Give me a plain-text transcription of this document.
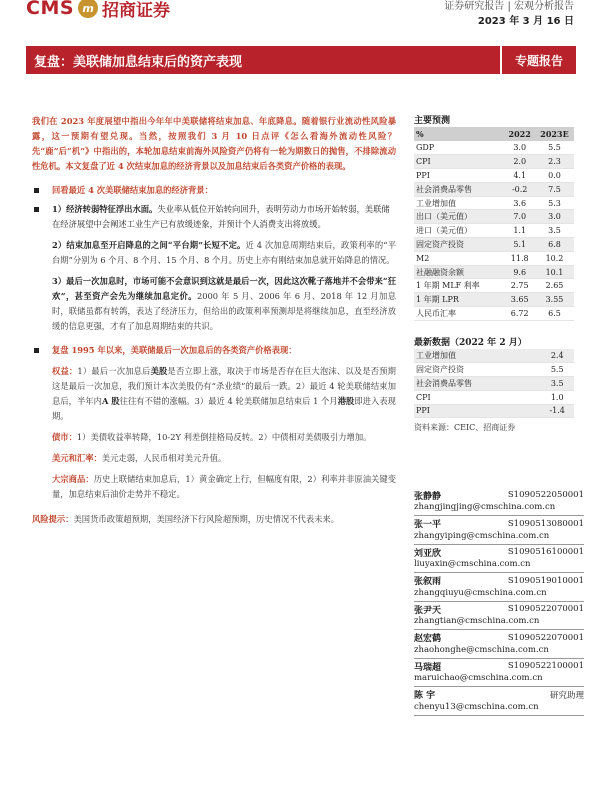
CMS m 招商证券	证券研究报告 | 宏观分析报告
2023 年 3 月 16 日
复盘：美联储加息结束后的资产表现	专题报告

我们在 2023 年度展望中指出今年年中美联储将结束加息、年底降息。随着银行业流动性风险暴露，这一预期有望兑现。当然，按照我们 3 月 10 日点评《怎么看海外流动性风险？先“鹿”后“机”》中指出的，本轮加息结束前海外风险资产仍将有一轮为期数日的抛售，不排除流动性危机。本文复盘了近 4 次结束加息的经济背景以及加息结束后各类资产价格的表现。

回看最近 4 次美联储结束加息的经济背景：
1）经济转弱特征浮出水面。失业率从低位开始转向回升，表明劳动力市场开始转弱，美联储在经济展望中会阐述工业生产已有放缓迹象，并预计个人消费支出将放缓。

2）结束加息至开启降息的之间“平台期”长短不定。近 4 次加息周期结束后，政策利率的“平台期”分别为 6 个月、8 个月、15 个月、8 个月。历史上亦有刚结束加息就开始降息的情况。

3）最后一次加息时，市场可能不会意识到这就是最后一次，因此这次靴子落地并不会带来“狂欢”，甚至资产会先为继续加息定价。2000 年 5 月、2006 年 6 月、2018 年 12 月加息时，联储虽都有转鸽，表达了经济压力，但给出的政策利率预测却是将继续加息，直至经济放缓的信息更强，才有了加息周期结束的共识。

复盘 1995 年以来，美联储最后一次加息后的各类资产价格表现：

权益：1）最后一次加息后美股是否立即上涨，取决于市场是否存在巨大泡沫、以及是否预期这是最后一次加息，我们预计本次美股仍有“杀业绩”的最后一跌。2）最近 4 轮美联储结束加息后，半年内A 股往往有不错的涨幅。3）最近 4 轮美联储加息结束后 1 个月港股即进入表现期。

债市：1）美债收益率转降，10-2Y 利差倒挂格局反转。2）中债相对美债吸引力增加。

美元和汇率：美元走弱，人民币相对美元升值。

大宗商品：历史上联储结束加息后，1）黄金确定上行，但幅度有限，2）利率并非原油关键变量，加息结束后油价走势并不稳定。

风险提示：美国货币政策超预期，美国经济下行风险超预期，历史情况不代表未来。

主要预测
%	2022	2023E
GDP	3.0	5.5
CPI	2.0	2.3
PPI	4.1	0.0
社会消费品零售	-0.2	7.5
工业增加值	3.6	5.3
出口（美元值）	7.0	3.0
进口（美元值）	1.1	3.5
固定资产投资	5.1	6.8
M2	11.8	10.2
社融融资余额	9.6	10.1
1 年期 MLF 利率	2.75	2.65
1 年期 LPR	3.65	3.55
人民币汇率	6.72	6.5
最新数据（2022 年 2 月）
工业增加值	2.4
固定资产投资	5.5
社会消费品零售	3.5
CPI	1.0
PPI	-1.4
资料来源：CEIC、招商证券
张静静	S1090522050001
zhangjingjing@cmschina.com.cn
张一平	S1090513080001
zhangyiping@cmschina.com.cn
刘亚欣	S1090516100001
liuyaxin@cmschina.com.cn
张叙雨	S1090519010001
zhangqiuyu@cmschina.com.cn
张尹天	S1090522070001
zhangtian@cmschina.com.cn
赵宏鹤	S1090522070001
zhaohonghe@cmschina.com.cn
马瑞超	S1090522100001
maruichao@cmschina.com.cn
陈 宇	研究助理
chenyu13@cmschina.com.cn
